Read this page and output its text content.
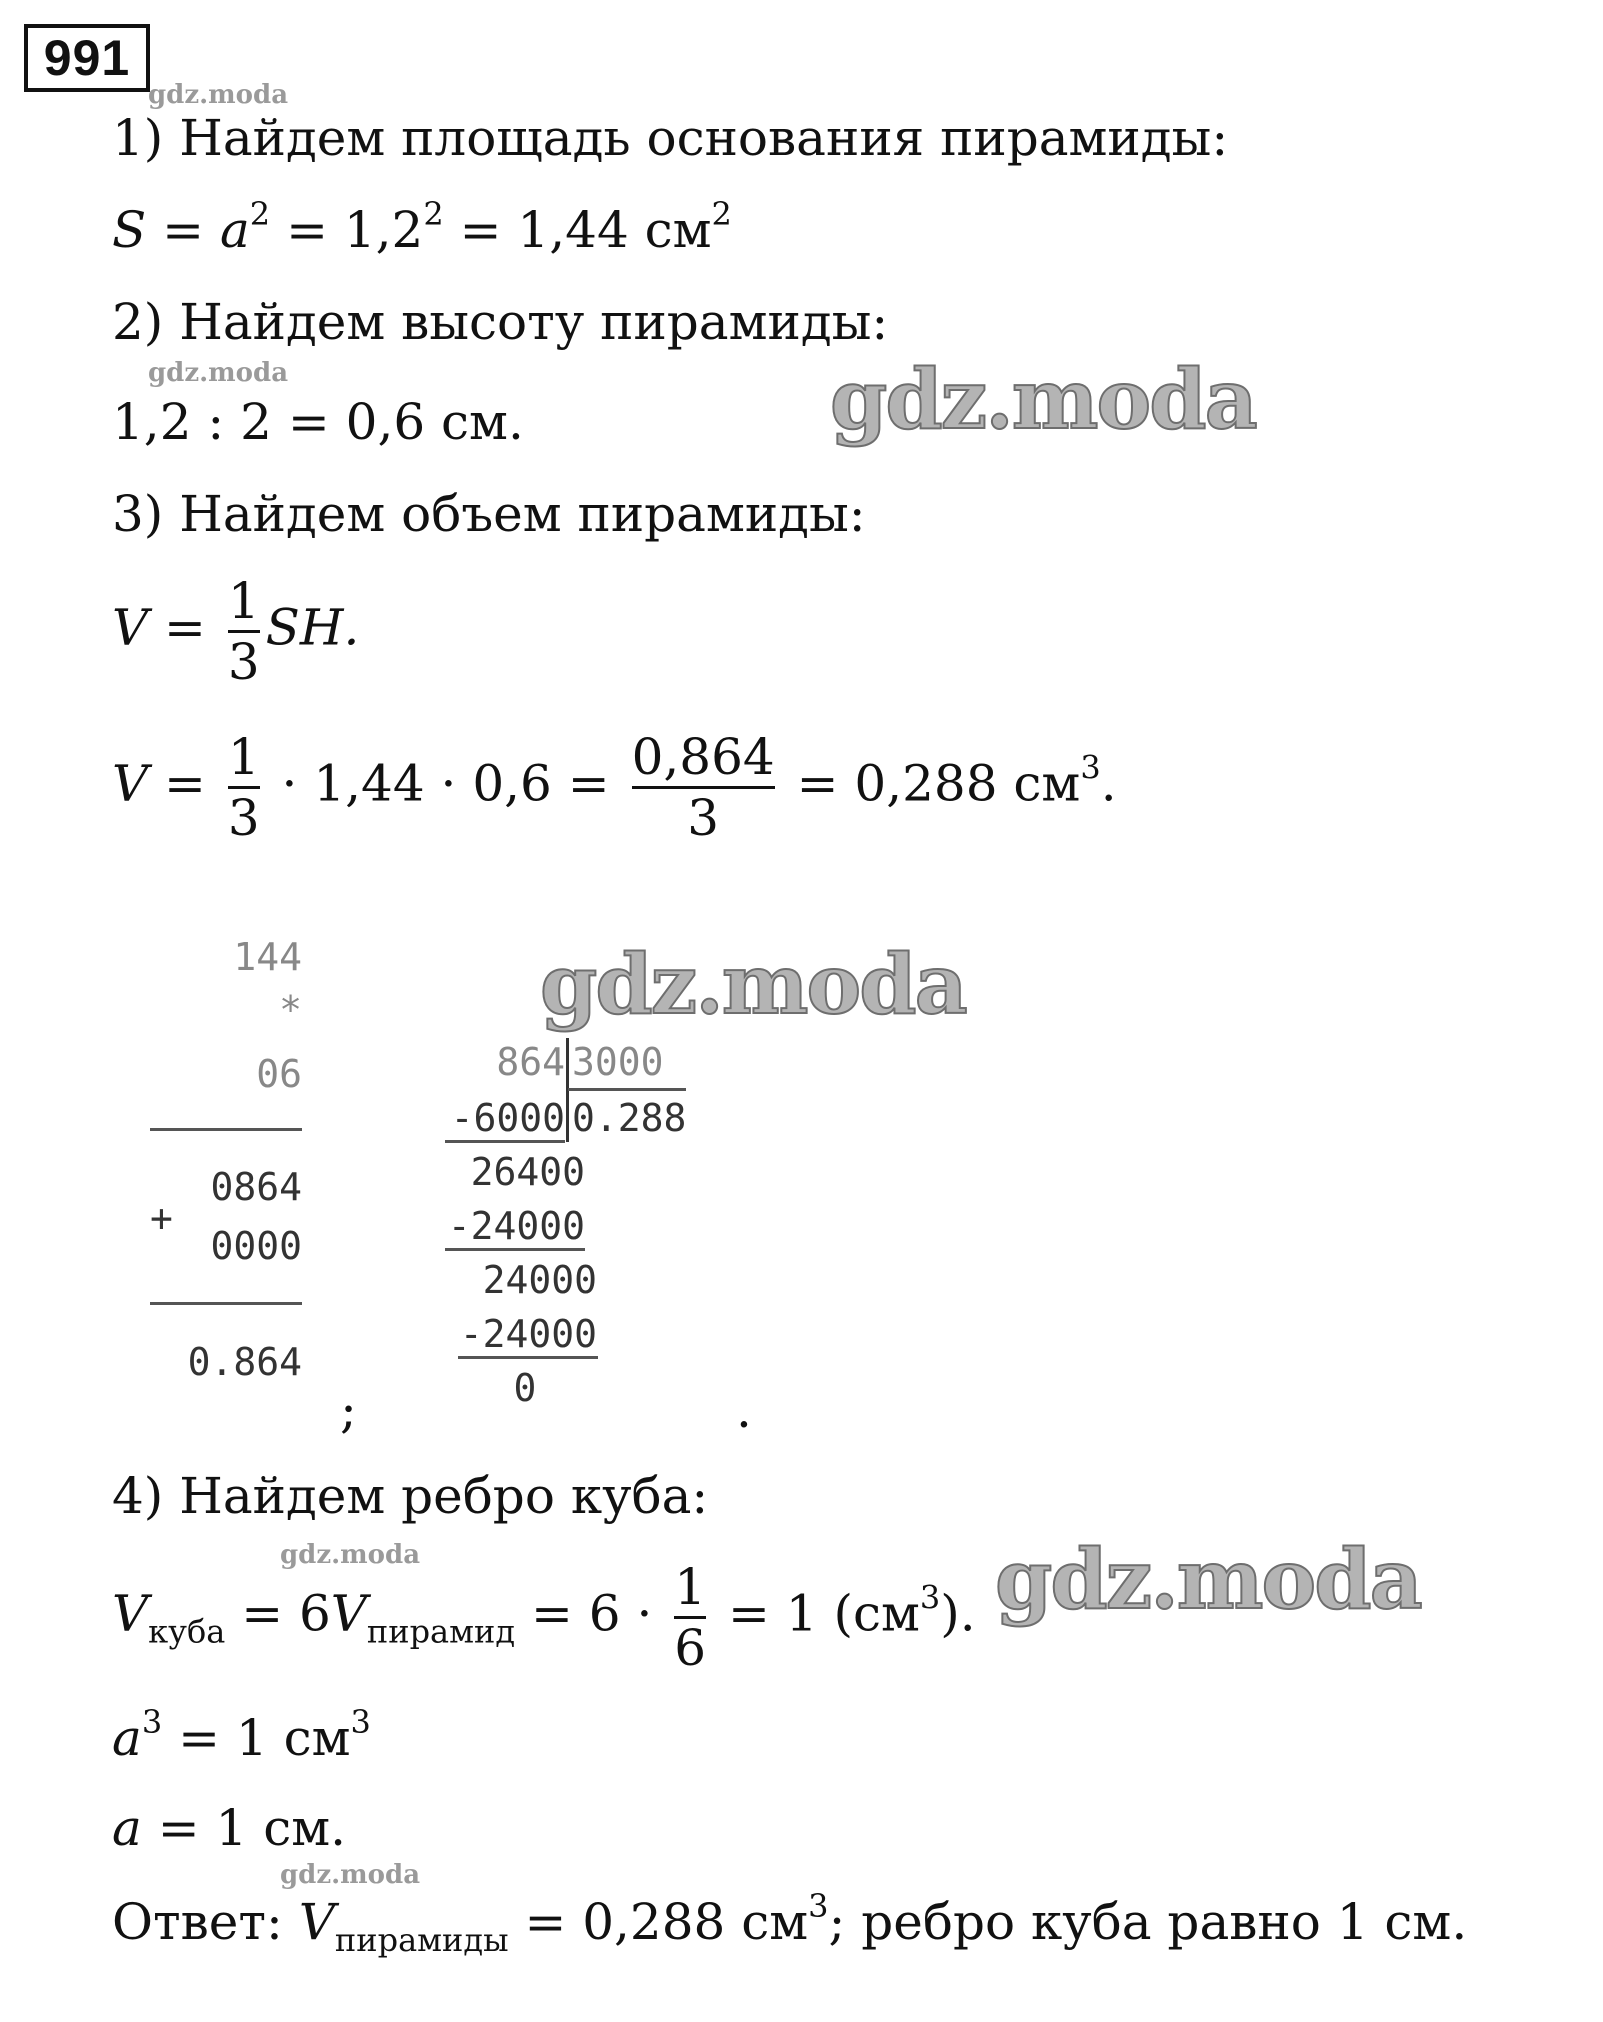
991
gdz.moda
gdz.moda
gdz.moda
gdz.moda
gdz.moda
gdz.moda
gdz.moda
1) Найдем площадь основания пирамиды:
$S = a^2 = 1,2^2 = 1,44$ $см^2$
2) Найдем высоту пирамиды:
1,2 : 2 = 0,6 см.
3) Найдем объем пирамиды:
$V = \frac{1}{3}$ SH.
$V = \frac{1}{3} \cdot 1,44 \cdot 0,6 = \frac{0,864}{3} = 0,288$ $см^3$.
144
*
06
0864
+
0000
0.864
;
864 3000
0.288
-6000
26400
-24000
24000
-24000
0	.
4) Найдем ребро куба:
$V_{куба} = 6V_{пирамид} = 6 \cdot \frac{1}{6} = 1$ $(см^3)$.
$a^3 = 1$ $см^3$
a = 1 см.
Ответ: $V_{пирамиды} = 0,288$ $см^3$; ребро куба равно 1 см.
